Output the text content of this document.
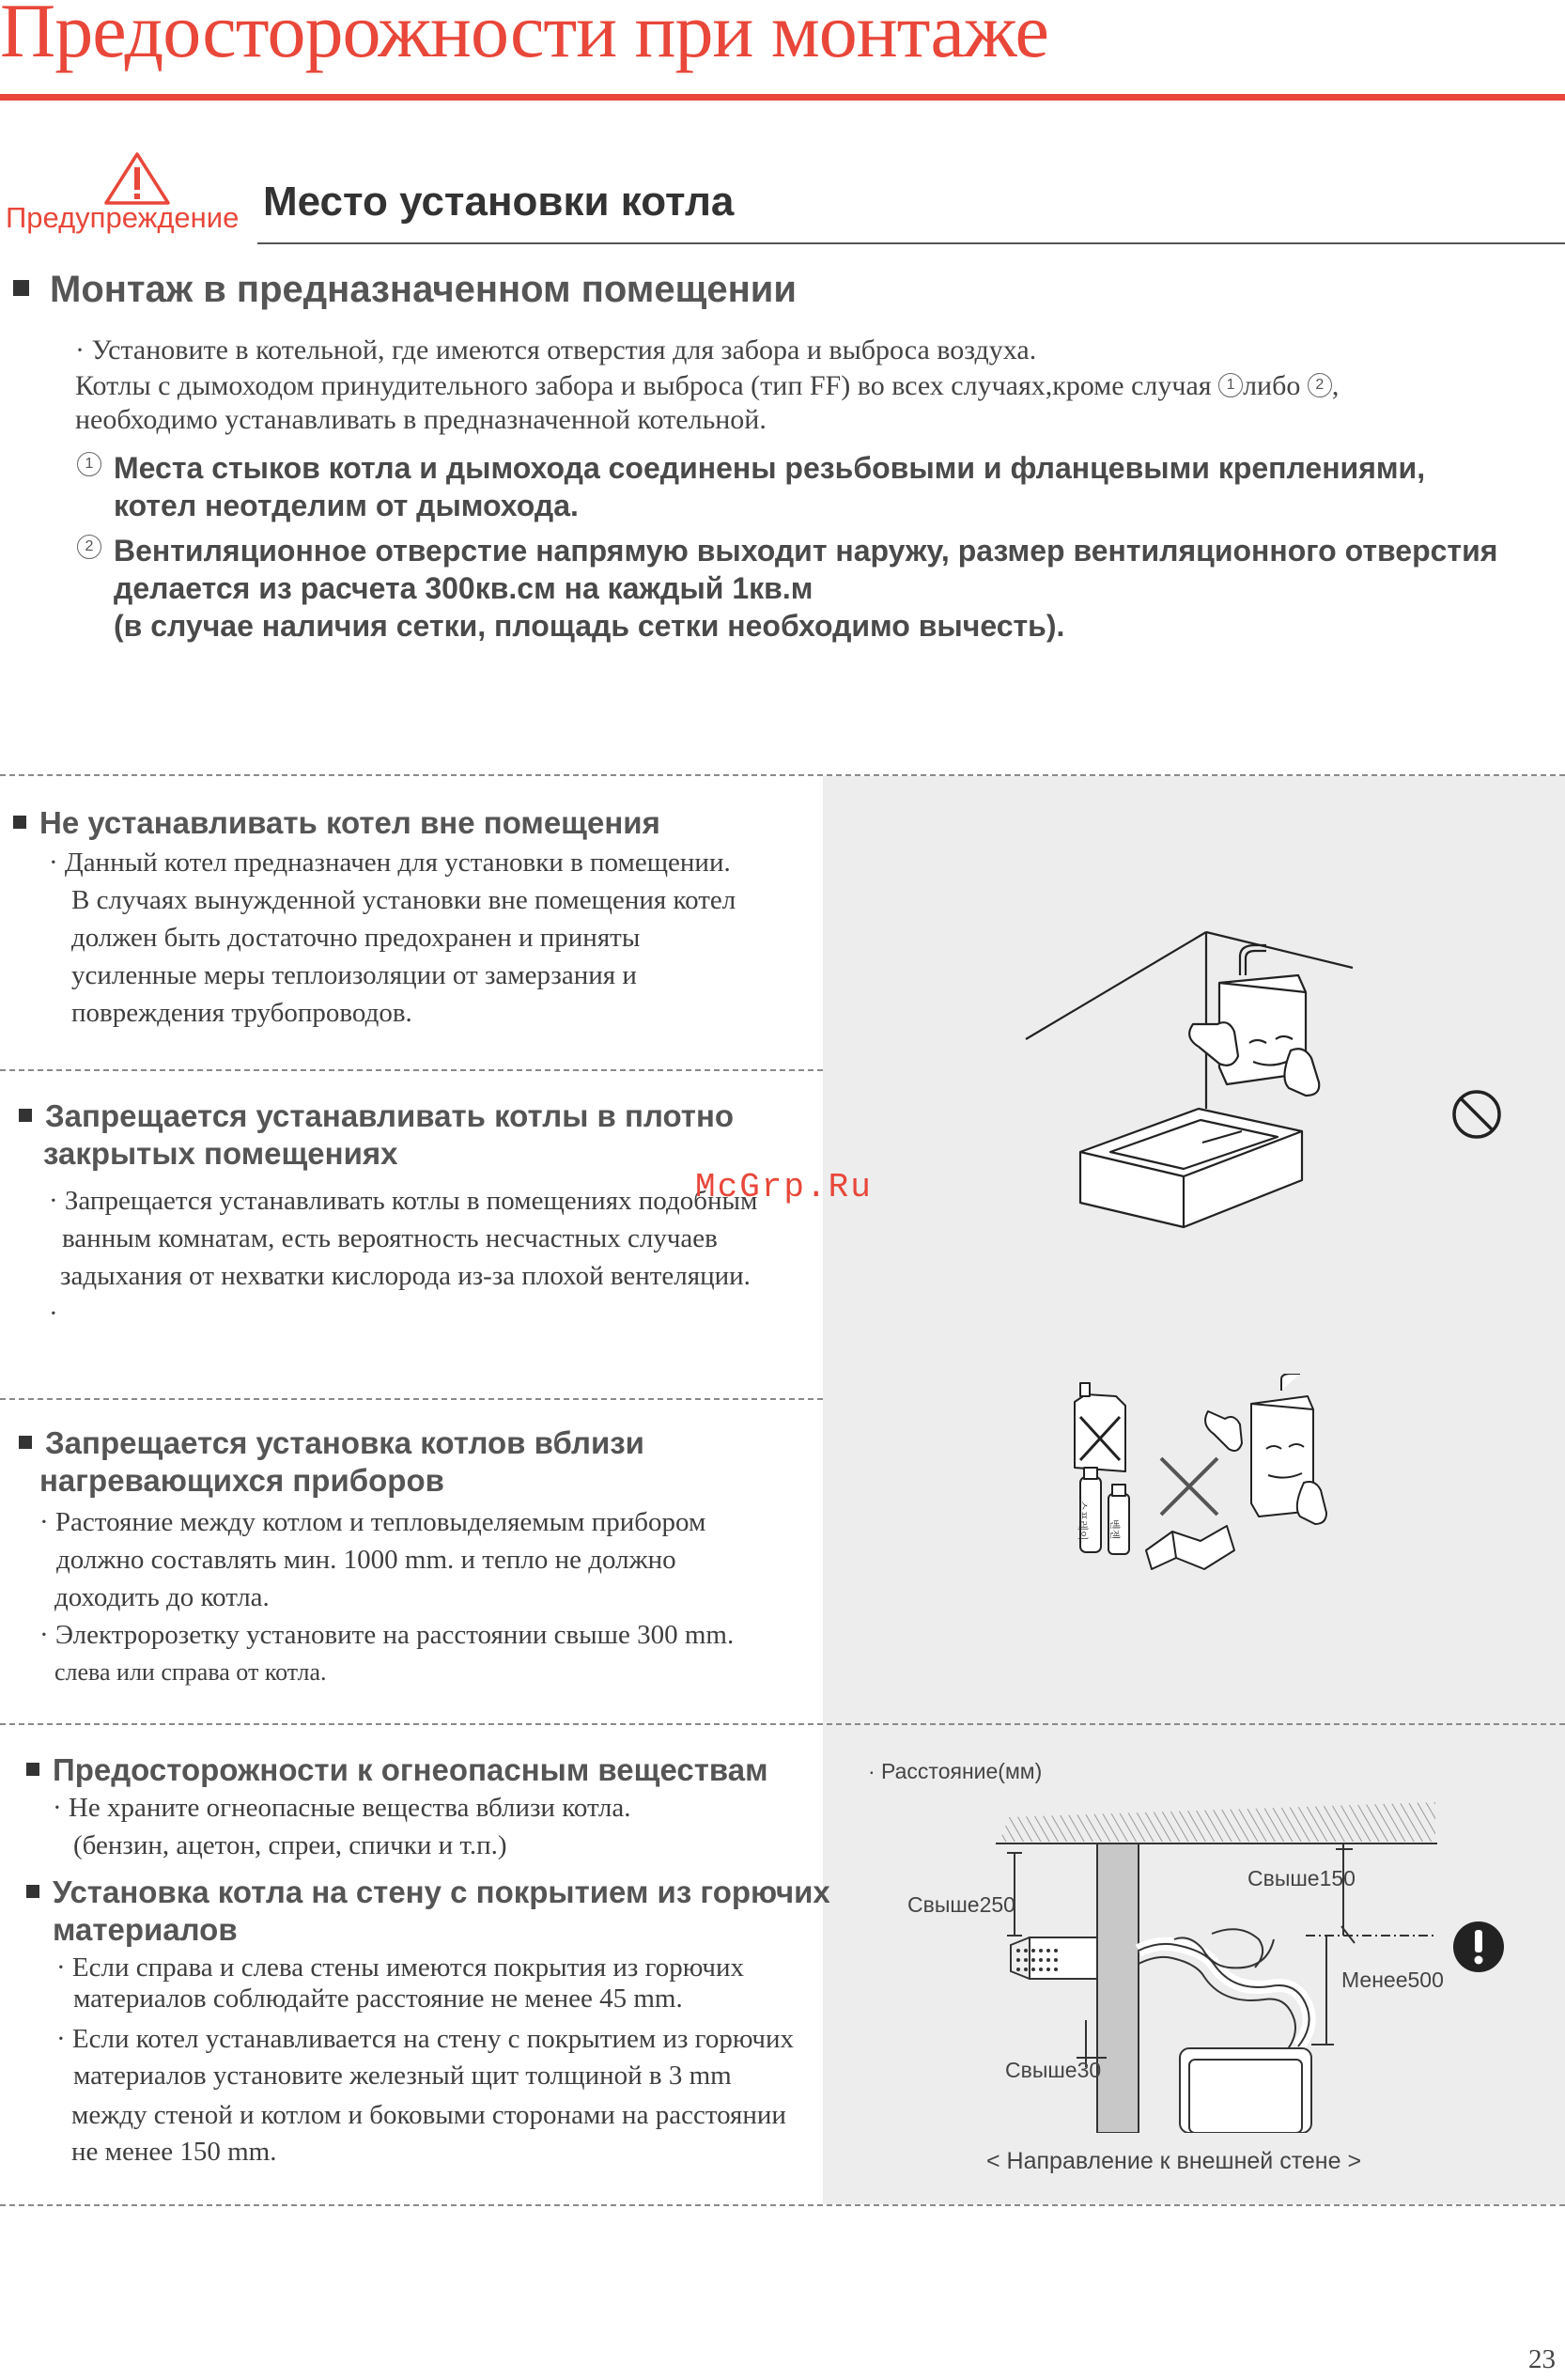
Предосторожности при монтаже
Предупреждение Место установки котла
Монтаж в предназначенном помещении
· Установите в котельной, где имеются отверстия для забора и выброса воздуха.
Котлы с дымоходом принудительного забора и выброса (тип FF) во всех случаях,кроме случая 1 либо 2 ,
необходимо устанавливать в предназначенной котельной.
1 Места стыков котла и дымохода соединены резьбовыми и фланцевыми креплениями,
котел неотделим от дымохода.
2 Вентиляционное отверстие напрямую выходит наружу, размер вентиляционного отверстия
делается из расчета 300кв.см на каждый 1кв.м
(в случае наличия сетки, площадь сетки необходимо вычесть).
Не устанавливать котел вне помещения
· Данный котел предназначен для установки в помещении.
В случаях вынужденной установки вне помещения котел
должен быть достаточно предохранен и приняты
усиленные меры теплоизоляции от замерзания и
повреждения трубопроводов.
Запрещается устанавливать котлы в плотно
закрытых помещениях
· Запрещается устанавливать котлы в помещениях подобным
ванным комнатам, есть вероятность несчастных случаев
задыхания от нехватки кислорода из-за плохой вентеляции.
·
Запрещается установка котлов вблизи
нагревающихся приборов
· Растояние между котлом и тепловыделяемым прибором
должно составлять мин. 1000 mm. и тепло не должно
доходить до котла.
· Электророзетку установите на расстоянии свыше 300 mm.
слева или справа от котла.
Предосторожности к огнеопасным веществам
· Не храните огнеопасные вещества вблизи котла.
(бензин, ацетон, спреи, спички и т.п.)
Установка котла на стену с покрытием из горючих
материалов
· Если справа и слева стены имеются покрытия из горючих
материалов соблюдайте расстояние не менее 45 mm.
· Если котел устанавливается на стену с покрытием из горючих
материалов установите железный щит толщиной в 3 mm
между стеной и котлом и боковыми сторонами на расстоянии
не менее 150 mm.
McGrp.Ru
스프레이 벤젠
· Расстояние(мм)
Свыше250
Свыше150
Менее500
Свыше30
< Направление к внешней стене >
23
